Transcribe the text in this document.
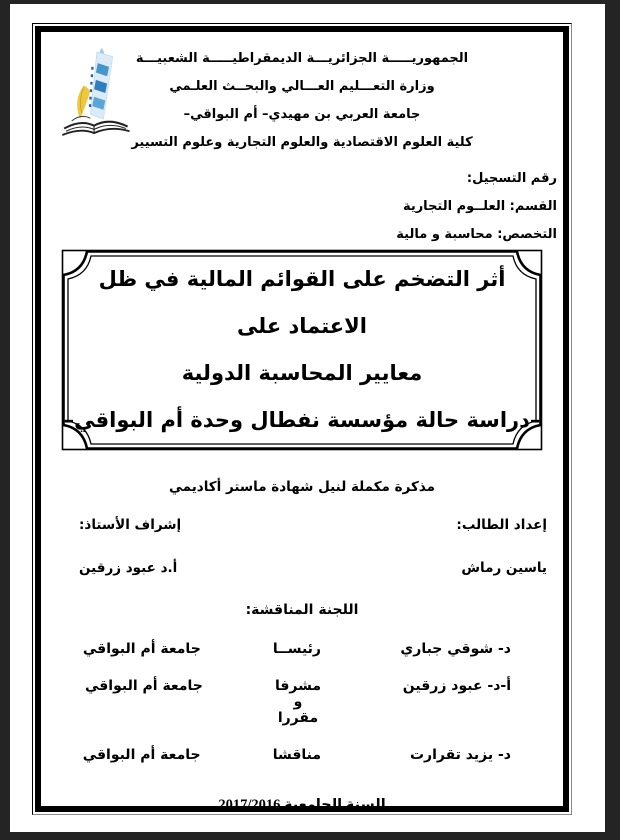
الجمهوريـــــة الجزائريـــة الديمقراطيـــــة الشعبيـــة
وزارة التعـــليم العـــالي والبحــث العلـمي
جامعة العربي بن مهيدي– أم البواقي–
كلية العلوم الاقتصادية والعلوم التجارية وعلوم التسيير
رقم التسجيل:
القسم: العلــوم التجارية
التخصص: محاسبة و مالية
أثر التضخم على القوائم المالية في ظل الاعتماد على
معايير المحاسبة الدولية
–دراسة حالة مؤسسة نفطال وحدة أم البواقي–
مذكرة مكملة لنيل شهادة ماستر أكاديمي
إعداد الطالب:
ياسين رماش
إشراف الأستاذ:
أ.د عبود زرقين
اللجنة المناقشة:
د- شوقي جباري
رئيســا
جامعة أم البواقي
أ-د- عبود زرقين
مشرفا و مقررا
جامعة أم البواقي
د- يزيد تقرارت
مناقشا
جامعة أم البواقي
السنة الجامعية 2017/2016
